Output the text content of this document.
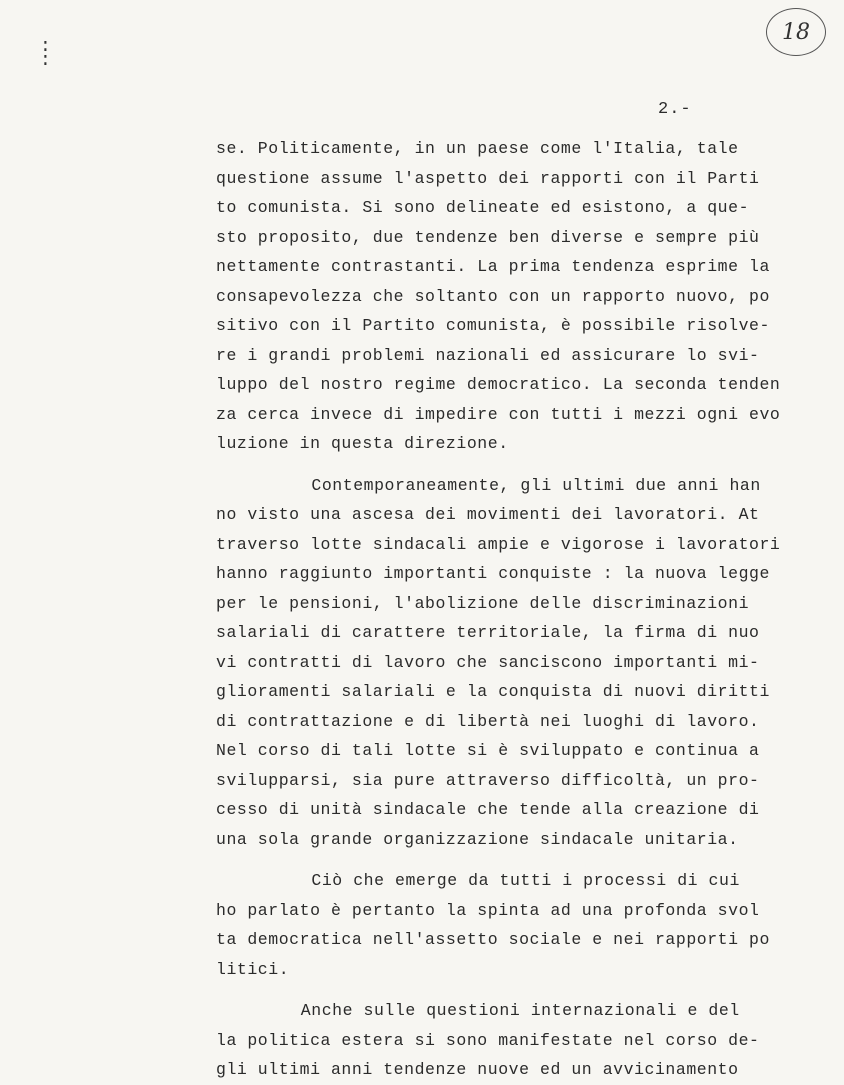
:
:
18
2.-
se. Politicamente, in un paese come l'Italia, tale
questione assume l'aspetto dei rapporti con il Parti
to comunista. Si sono delineate ed esistono, a que-
sto proposito, due tendenze ben diverse e sempre più
nettamente contrastanti. La prima tendenza esprime la
consapevolezza che soltanto con un rapporto nuovo, po
sitivo con il Partito comunista, è possibile risolve-
re i grandi problemi nazionali ed assicurare lo svi-
luppo del nostro regime democratico. La seconda tenden
za cerca invece di impedire con tutti i mezzi ogni evo
luzione in questa direzione.
Contemporaneamente, gli ultimi due anni han
no visto una ascesa dei movimenti dei lavoratori. At
traverso lotte sindacali ampie e vigorose i lavoratori
hanno raggiunto importanti conquiste : la nuova legge
per le pensioni, l'abolizione delle discriminazioni
salariali di carattere territoriale, la firma di nuo
vi contratti di lavoro che sanciscono importanti mi-
glioramenti salariali e la conquista di nuovi diritti
di contrattazione e di libertà nei luoghi di lavoro.
Nel corso di tali lotte si è sviluppato e continua a
svilupparsi, sia pure attraverso difficoltà, un pro-
cesso di unità sindacale che tende alla creazione di
una sola grande organizzazione sindacale unitaria.
Ciò che emerge da tutti i processi di cui
ho parlato è pertanto la spinta ad una profonda svol
ta democratica nell'assetto sociale e nei rapporti po
litici.
Anche sulle questioni internazionali e del
la politica estera si sono manifestate nel corso de-
gli ultimi anni tendenze nuove ed un avvicinamento
